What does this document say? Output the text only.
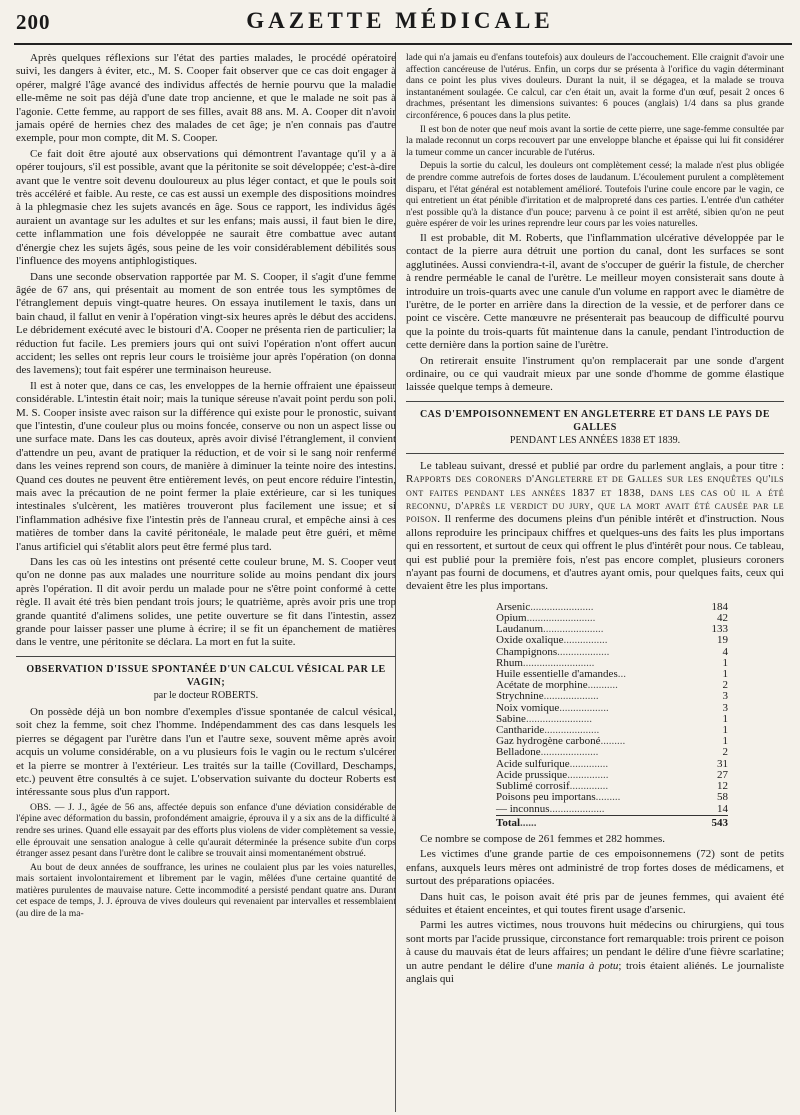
200	GAZETTE MÉDICALE

Après quelques réflexions sur l'état des parties malades, le procédé opératoire suivi, les dangers à éviter, etc., M. S. Cooper fait observer que ce cas doit engager à opérer, malgré l'âge avancé des individus affectés de hernie pourvu que la maladie elle-même ne soit pas déjà d'une date trop ancienne, et que le malade ne soit pas à l'agonie. Cette femme, au rapport de ses filles, avait 88 ans. M. A. Cooper dit n'avoir jamais opéré de hernies chez des malades de cet âge; je n'en connais pas d'autre exemple, pour mon compte, dit M. S. Cooper.

Ce fait doit être ajouté aux observations qui démontrent l'avantage qu'il y a à opérer toujours, s'il est possible, avant que la péritonite se soit développée; c'est-à-dire avant que le ventre soit devenu douloureux au plus léger contact, et que le pouls soit très accéléré et faible. Au reste, ce cas est aussi un exemple des dispositions moindres à la phlegmasie chez les sujets avancés en âge. Sous ce rapport, les individus âgés auraient un avantage sur les adultes et sur les enfans; mais aussi, il faut bien le dire, cette inflammation une fois développée ne saurait être combattue avec autant d'énergie chez les sujets âgés, sous peine de les voir considérablement débilités sous l'influence des moyens antiphlogistiques.

Dans une seconde observation rapportée par M. S. Cooper, il s'agit d'une femme âgée de 67 ans, qui présentait au moment de son entrée tous les symptômes de l'étranglement depuis vingt-quatre heures. On essaya inutilement le taxis, dans un bain chaud, il fallut en venir à l'opération vingt-six heures après le début des accidens. Le débridement exécuté avec le bistouri d'A. Cooper ne présenta rien de particulier; la réduction fut facile. Les premiers jours qui ont suivi l'opération n'ont offert aucun accident; les selles ont repris leur cours le troisième jour après l'opération (on donna des lavemens); tout fait espérer une terminaison heureuse.

Il est à noter que, dans ce cas, les enveloppes de la hernie offraient une épaisseur considérable. L'intestin était noir; mais la tunique séreuse n'avait point perdu son poli. M. S. Cooper insiste avec raison sur la différence qui existe pour le pronostic, suivant que l'intestin, d'une couleur plus ou moins foncée, conserve ou non un aspect lisse ou une surface mate. Dans les cas douteux, après avoir divisé l'étranglement, il convient d'attendre un peu, avant de pratiquer la réduction, et de voir si le sang noir renfermé dans les veines reprend son cours, de manière à diminuer la teinte noire des intestins. Quand ces doutes ne peuvent être entièrement levés, on peut encore réduire l'intestin, mais avec la précaution de ne point fermer la plaie extérieure, car si les tuniques intestinales s'ulcèrent, les matières trouveront plus facilement une issue; et si l'inflammation adhésive fixe l'intestin près de l'anneau crural, et empêche ainsi à ces matières de tomber dans la cavité péritonéale, le malade peut être guéri, et même l'anus artificiel qui s'établit alors peut être fermé plus tard.

Dans les cas où les intestins ont présenté cette couleur brune, M. S. Cooper veut qu'on ne donne pas aux malades une nourriture solide au moins pendant dix jours après l'opération. Il dit avoir perdu un malade pour ne s'être point conformé à cette règle. Il avait été très bien pendant trois jours; le quatrième, après avoir pris une trop grande quantité d'alimens solides, une petite ouverture se fit dans l'intestin, assez grande pour laisser passer une plume à écrire; il se fit un épanchement de matières dans le ventre, une péritonite se déclara. La mort en fut la suite.

OBSERVATION D'ISSUE SPONTANÉE D'UN CALCUL VÉSICAL PAR LE VAGIN;
par le docteur ROBERTS.

On possède déjà un bon nombre d'exemples d'issue spontanée de calcul vésical, soit chez la femme, soit chez l'homme. Indépendamment des cas dans lesquels les pierres se dégagent par l'urètre dans l'un et l'autre sexe, souvent même après avoir acquis un volume considérable, on a vu plusieurs fois le vagin ou le rectum s'ulcérer et la pierre se montrer à l'extérieur. Les traités sur la taille (Covillard, Deschamps, etc.) peuvent être consultés à ce sujet. L'observation suivante du docteur Roberts est intéressante sous plus d'un rapport.

OBS. — J. J., âgée de 56 ans, affectée depuis son enfance d'une déviation considérable de l'épine avec déformation du bassin, profondément amaigrie, éprouva il y a six ans de la difficulté à rendre ses urines. Quand elle essayait par des efforts plus violens de vider complètement sa vessie, elle éprouvait une sensation analogue à celle qu'aurait déterminée la présence subite d'un corps étranger assez pesant dans l'urètre dont le calibre se trouvait ainsi momentanément obstrué.

Au bout de deux années de souffrance, les urines ne coulaient plus par les voies naturelles, mais sortaient involontairement et librement par le vagin, mêlées d'une certaine quantité de matières purulentes de mauvaise nature. Cette incommodité a persisté pendant quatre ans. Durant cet espace de temps, J. J. éprouva de vives douleurs qui revenaient par intervalles et ressemblaient (au dire de la ma-

lade qui n'a jamais eu d'enfans toutefois) aux douleurs de l'accouchement. Elle craignit d'avoir une affection cancéreuse de l'utérus. Enfin, un corps dur se présenta à l'orifice du vagin déterminant dans ce point les plus vives douleurs. Durant la nuit, il se dégagea, et la malade se trouva instantanément soulagée. Ce calcul, car c'en était un, avait la forme d'un œuf, pesait 2 onces 6 drachmes, présentant les dimensions suivantes: 6 pouces (anglais) 1/4 dans sa plus grande circonférence, 6 pouces dans la plus petite.

Il est bon de noter que neuf mois avant la sortie de cette pierre, une sage-femme consultée par la malade reconnut un corps recouvert par une enveloppe blanche et épaisse qui lui fit considérer la tumeur comme un cancer incurable de l'utérus.

Depuis la sortie du calcul, les douleurs ont complètement cessé; la malade n'est plus obligée de prendre comme autrefois de fortes doses de laudanum. L'écoulement purulent a complètement disparu, et l'état général est notablement amélioré. Toutefois l'urine coule encore par le vagin, ce qui entretient un état pénible d'irritation et de malpropreté dans ces parties. L'entrée d'un cathéter n'est possible qu'à la distance d'un pouce; parvenu à ce point il est arrêté, sibien qu'on ne peut guère espérer de voir les urines reprendre leur cours par les voies naturelles.

Il est probable, dit M. Roberts, que l'inflammation ulcérative développée par le contact de la pierre aura détruit une portion du canal, dont les surfaces se sont agglutinées. Aussi conviendra-t-il, avant de s'occuper de guérir la fistule, de chercher à rendre perméable le canal de l'urètre. Le meilleur moyen consisterait sans doute à introduire un trois-quarts avec une canule d'un volume en rapport avec le diamètre de l'urètre, de le porter en arrière dans la direction de la vessie, et de perforer dans ce point ce viscère. Cette manœuvre ne présenterait pas beaucoup de difficulté pourvu que la pointe du trois-quarts fût maintenue dans la canule, pendant l'introduction de cette dernière dans la portion saine de l'urètre.

On retirerait ensuite l'instrument qu'on remplacerait par une sonde d'argent ordinaire, ou ce qui vaudrait mieux par une sonde d'homme de gomme élastique laissée quelque temps à demeure.

CAS D'EMPOISONNEMENT EN ANGLETERRE ET DANS LE PAYS DE GALLES
PENDANT LES ANNÉES 1838 ET 1839.

Le tableau suivant, dressé et publié par ordre du parlement anglais, a pour titre : Rapports des coroners d'Angleterre et de Galles sur les enquêtes qu'ils ont faites pendant les années 1837 et 1838, dans les cas où il a été reconnu, d'après le verdict du jury, que la mort avait été causée par le poison. Il renferme des documens pleins d'un pénible intérêt et d'instruction. Nous allons reproduire les principaux chiffres et quelques-uns des faits les plus importans qui en ressortent, et surtout de ceux qui offrent le plus d'intérêt pour nous. Ce tableau, qui est publié pour la première fois, n'est pas encore complet, plusieurs coroners n'ayant pas fourni de documens, et d'autres ayant omis, pour quelques faits, ceux qui devaient être les plus importans.

Arsenic.......................	184
Opium.........................	42
Laudanum......................	133
Oxide oxalique................	19
Champignons...................	4
Rhum..........................	1
Huile essentielle d'amandes...	1
Acétate de morphine...........	2
Strychnine....................	3
Noix vomique..................	3
Sabine........................	1
Cantharide....................	1
Gaz hydrogène carboné.........	1
Belladone.....................	2
Acide sulfurique..............	31
Acide prussique...............	27
Sublimé corrosif..............	12
Poisons peu importans.........	58
— inconnus....................	14
Total......	543

Ce nombre se compose de 261 femmes et 282 hommes.

Les victimes d'une grande partie de ces empoisonnemens (72) sont de petits enfans, auxquels leurs mères ont administré de trop fortes doses de médicamens, et surtout des préparations opiacées.

Dans huit cas, le poison avait été pris par de jeunes femmes, qui avaient été séduites et étaient enceintes, et qui toutes firent usage d'arsenic.

Parmi les autres victimes, nous trouvons huit médecins ou chirurgiens, qui tous sont morts par l'acide prussique, circonstance fort remarquable: trois prirent ce poison à cause du mauvais état de leurs affaires; un pendant le délire d'une fièvre scarlatine; un autre pendant le délire d'une mania à potu; trois étaient aliénés. Le journaliste anglais qui
